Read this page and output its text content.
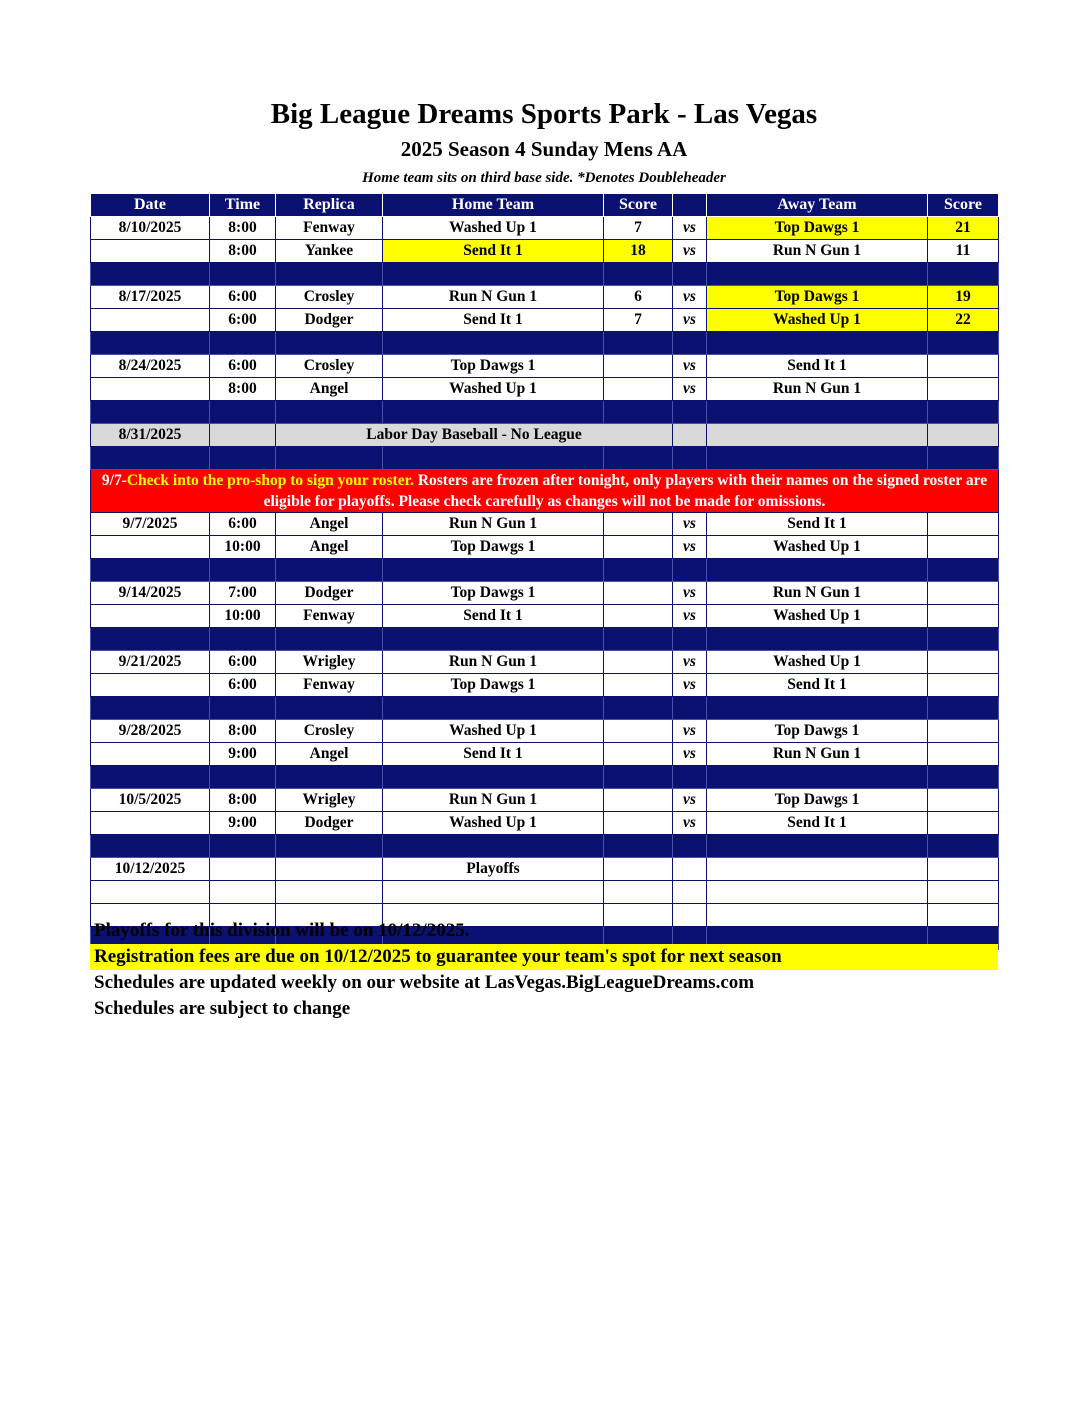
Big League Dreams Sports Park - Las Vegas
2025 Season 4 Sunday Mens AA
Home team sits on third base side. *Denotes Doubleheader
Date	Time	Replica	Home Team	Score		Away Team	Score
8/10/2025	8:00	Fenway	Washed Up 1	7	vs	Top Dawgs 1	21
	8:00	Yankee	Send It 1	18	vs	Run N Gun 1	11

8/17/2025	6:00	Crosley	Run N Gun 1	6	vs	Top Dawgs 1	19
	6:00	Dodger	Send It 1	7	vs	Washed Up 1	22

8/24/2025	6:00	Crosley	Top Dawgs 1		vs	Send It 1	
	8:00	Angel	Washed Up 1		vs	Run N Gun 1	

8/31/2025		Labor Day Baseball - No League					

9/7-Check into the pro-shop to sign your roster. Rosters are frozen after tonight, only players with their names on the signed roster are eligible for playoffs. Please check carefully as changes will not be made for omissions.							
9/7/2025	6:00	Angel	Run N Gun 1		vs	Send It 1	
	10:00	Angel	Top Dawgs 1		vs	Washed Up 1	

9/14/2025	7:00	Dodger	Top Dawgs 1		vs	Run N Gun 1	
	10:00	Fenway	Send It 1		vs	Washed Up 1	

9/21/2025	6:00	Wrigley	Run N Gun 1		vs	Washed Up 1	
	6:00	Fenway	Top Dawgs 1		vs	Send It 1	

9/28/2025	8:00	Crosley	Washed Up 1		vs	Top Dawgs 1	
	9:00	Angel	Send It 1		vs	Run N Gun 1	

10/5/2025	8:00	Wrigley	Run N Gun 1		vs	Top Dawgs 1	
	9:00	Dodger	Washed Up 1		vs	Send It 1	

10/12/2025			Playoffs				

Playoffs for this division will be on 10/12/2025.
Registration fees are due on 10/12/2025 to guarantee your team's spot for next season
Schedules are updated weekly on our website at LasVegas.BigLeagueDreams.com
Schedules are subject to change
